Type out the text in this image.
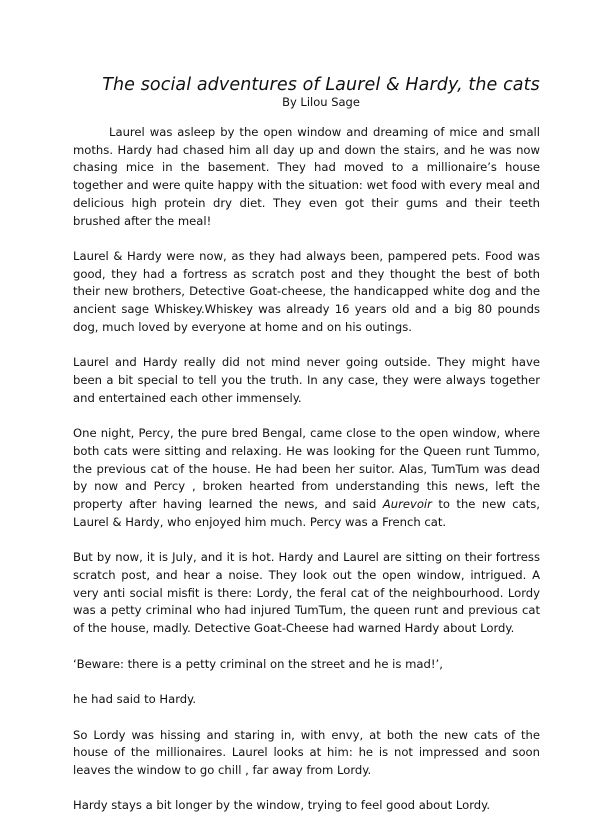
The social adventures of Laurel & Hardy, the cats
By Lilou Sage

Laurel was asleep by the open window and dreaming of mice and small moths. Hardy had chased him all day up and down the stairs, and he was now chasing mice in the basement. They had moved to a millionaire’s house together and were quite happy with the situation: wet food with every meal and delicious high protein dry diet. They even got their gums and their teeth brushed after the meal!

Laurel & Hardy were now, as they had always been, pampered pets. Food was good, they had a fortress as scratch post and they thought the best of both their new brothers, Detective Goat-cheese, the handicapped white dog and the ancient sage Whiskey.Whiskey was already 16 years old and a big 80 pounds dog, much loved by everyone at home and on his outings.

Laurel and Hardy really did not mind never going outside. They might have been a bit special to tell you the truth. In any case, they were always together and entertained each other immensely.

One night, Percy, the pure bred Bengal, came close to the open window, where both cats were sitting and relaxing. He was looking for the Queen runt Tummo, the previous cat of the house. He had been her suitor. Alas, TumTum was dead by now and Percy , broken hearted from understanding this news, left the property after having learned the news, and said Aurevoir to the new cats, Laurel & Hardy, who enjoyed him much. Percy was a French cat.

But by now, it is July, and it is hot. Hardy and Laurel are sitting on their fortress scratch post, and hear a noise. They look out the open window, intrigued. A very anti social misfit is there: Lordy, the feral cat of the neighbourhood. Lordy was a petty criminal who had injured TumTum, the queen runt and previous cat of the house, madly. Detective Goat-Cheese had warned Hardy about Lordy.

‘Beware: there is a petty criminal on the street and he is mad!’,

he had said to Hardy.

So Lordy was hissing and staring in, with envy, at both the new cats of the house of the millionaires. Laurel looks at him: he is not impressed and soon leaves the window to go chill , far away from Lordy.

Hardy stays a bit longer by the window, trying to feel good about Lordy.
